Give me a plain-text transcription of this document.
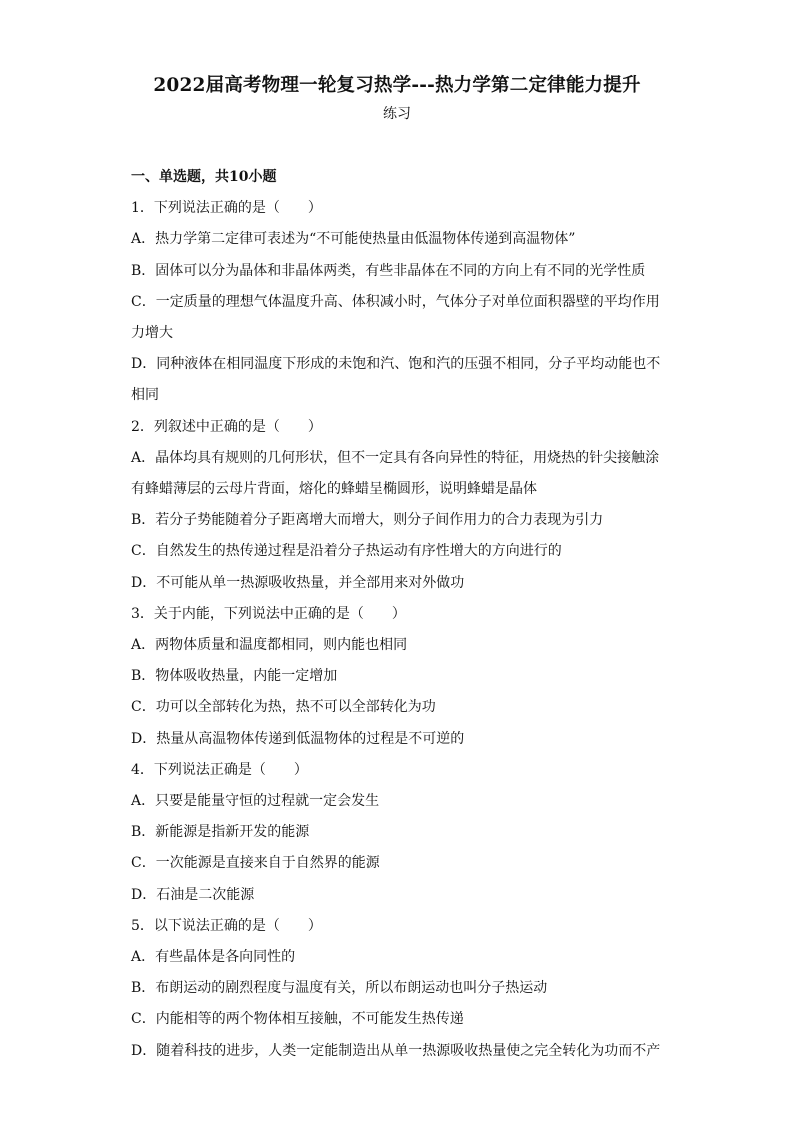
2022届高考物理一轮复习热学---热力学第二定律能力提升
练习
一、单选题，共10小题
1．下列说法正确的是（　　）
A．热力学第二定律可表述为“不可能使热量由低温物体传递到高温物体”
B．固体可以分为晶体和非晶体两类，有些非晶体在不同的方向上有不同的光学性质
C．一定质量的理想气体温度升高、体积减小时，气体分子对单位面积器壁的平均作用力增大
D．同种液体在相同温度下形成的未饱和汽、饱和汽的压强不相同，分子平均动能也不相同
2．列叙述中正确的是（　　）
A．晶体均具有规则的几何形状，但不一定具有各向异性的特征，用烧热的针尖接触涂有蜂蜡薄层的云母片背面，熔化的蜂蜡呈椭圆形，说明蜂蜡是晶体
B．若分子势能随着分子距离增大而增大，则分子间作用力的合力表现为引力
C．自然发生的热传递过程是沿着分子热运动有序性增大的方向进行的
D．不可能从单一热源吸收热量，并全部用来对外做功
3．关于内能，下列说法中正确的是（　　）
A．两物体质量和温度都相同，则内能也相同
B．物体吸收热量，内能一定增加
C．功可以全部转化为热，热不可以全部转化为功
D．热量从高温物体传递到低温物体的过程是不可逆的
4．下列说法正确是（　　）
A．只要是能量守恒的过程就一定会发生
B．新能源是指新开发的能源
C．一次能源是直接来自于自然界的能源
D．石油是二次能源
5．以下说法正确的是（　　）
A．有些晶体是各向同性的
B．布朗运动的剧烈程度与温度有关，所以布朗运动也叫分子热运动
C．内能相等的两个物体相互接触，不可能发生热传递
D．随着科技的进步，人类一定能制造出从单一热源吸收热量使之完全转化为功而不产
